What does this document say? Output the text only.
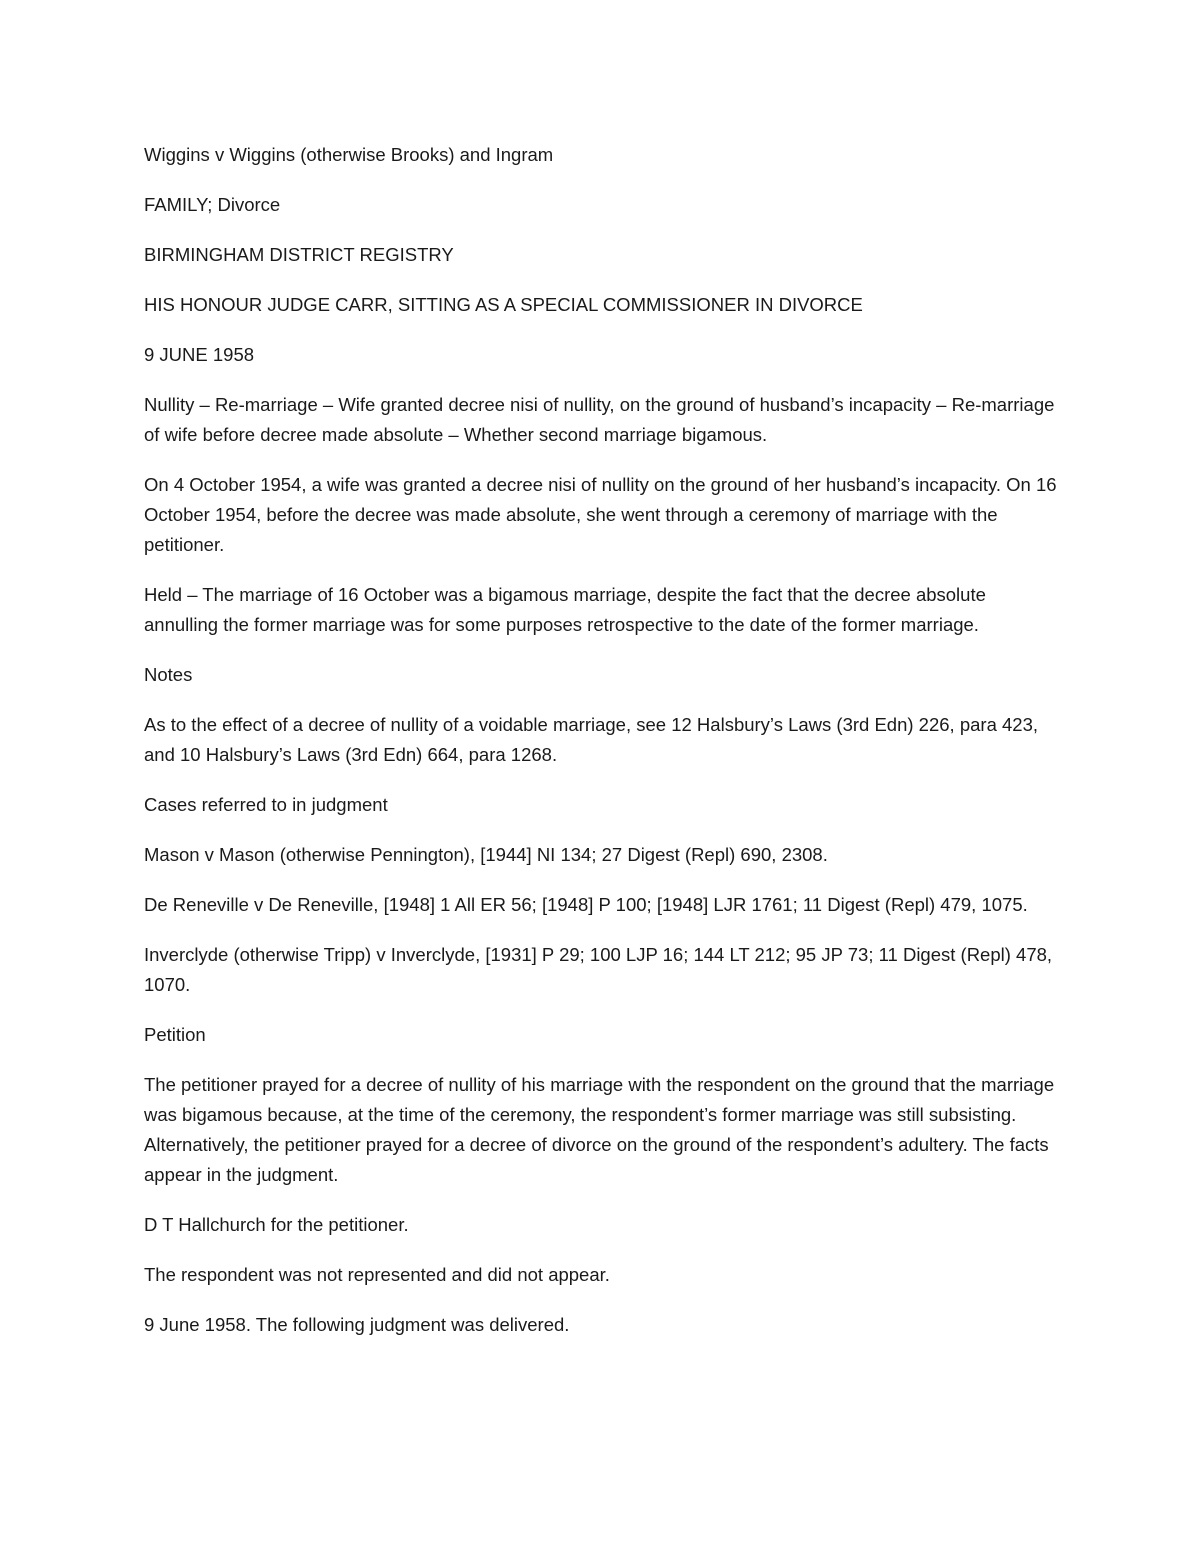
Wiggins v Wiggins (otherwise Brooks) and Ingram

FAMILY; Divorce

BIRMINGHAM DISTRICT REGISTRY

HIS HONOUR JUDGE CARR, SITTING AS A SPECIAL COMMISSIONER IN DIVORCE

9 JUNE 1958

Nullity – Re-marriage – Wife granted decree nisi of nullity, on the ground of husband’s incapacity – Re-marriage of wife before decree made absolute – Whether second marriage bigamous.

On 4 October 1954, a wife was granted a decree nisi of nullity on the ground of her husband’s incapacity. On 16 October 1954, before the decree was made absolute, she went through a ceremony of marriage with the petitioner.

Held – The marriage of 16 October was a bigamous marriage, despite the fact that the decree absolute annulling the former marriage was for some purposes retrospective to the date of the former marriage.

Notes

As to the effect of a decree of nullity of a voidable marriage, see 12 Halsbury’s Laws (3rd Edn) 226, para 423, and 10 Halsbury’s Laws (3rd Edn) 664, para 1268.

Cases referred to in judgment

Mason v Mason (otherwise Pennington), [1944] NI 134; 27 Digest (Repl) 690, 2308.

De Reneville v De Reneville, [1948] 1 All ER 56; [1948] P 100; [1948] LJR 1761; 11 Digest (Repl) 479, 1075.

Inverclyde (otherwise Tripp) v Inverclyde, [1931] P 29; 100 LJP 16; 144 LT 212; 95 JP 73; 11 Digest (Repl) 478, 1070.

Petition

The petitioner prayed for a decree of nullity of his marriage with the respondent on the ground that the marriage was bigamous because, at the time of the ceremony, the respondent’s former marriage was still subsisting. Alternatively, the petitioner prayed for a decree of divorce on the ground of the respondent’s adultery. The facts appear in the judgment.

D T Hallchurch for the petitioner.

The respondent was not represented and did not appear.

9 June 1958. The following judgment was delivered.
